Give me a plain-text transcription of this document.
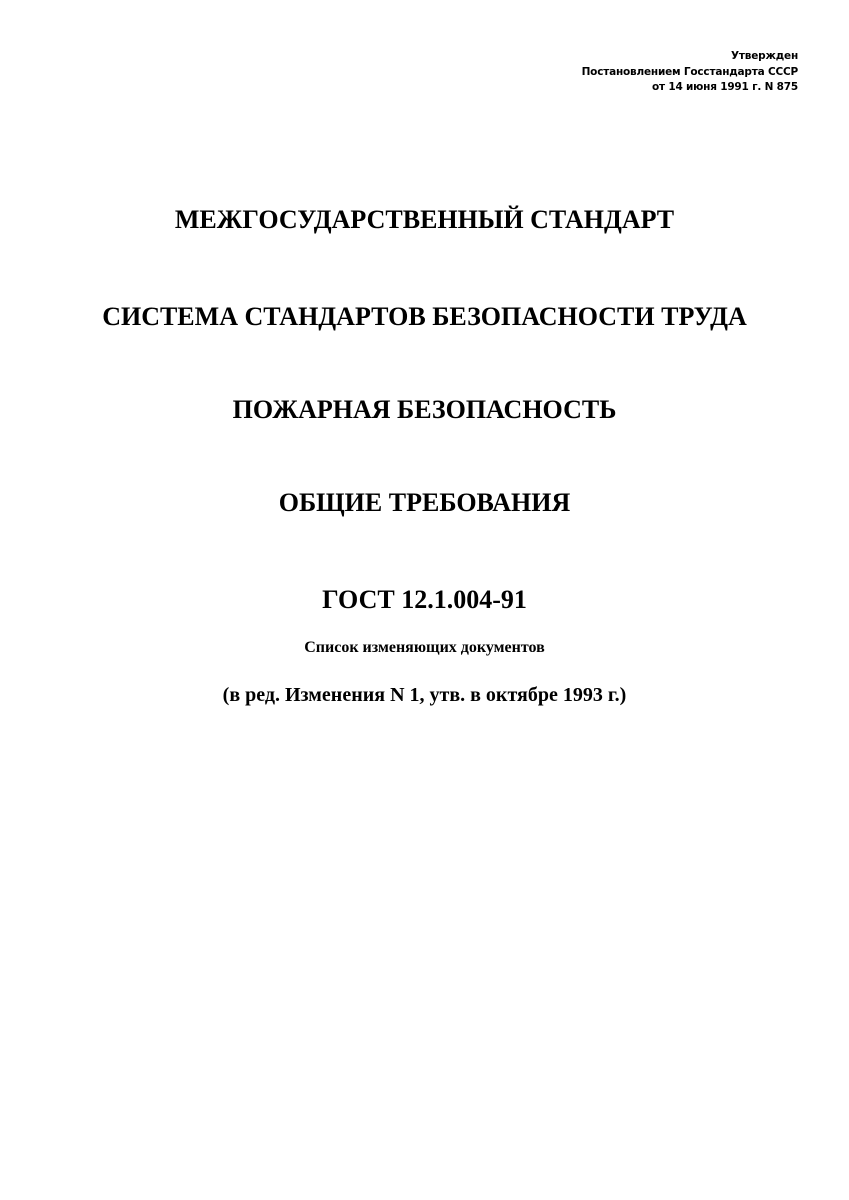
Утвержден
Постановлением Госстандарта СССР
от 14 июня 1991 г. N 875
МЕЖГОСУДАРСТВЕННЫЙ СТАНДАРТ
СИСТЕМА СТАНДАРТОВ БЕЗОПАСНОСТИ ТРУДА
ПОЖАРНАЯ БЕЗОПАСНОСТЬ
ОБЩИЕ ТРЕБОВАНИЯ
ГОСТ 12.1.004-91
Список изменяющих документов
(в ред. Изменения N 1, утв. в октябре 1993 г.)
